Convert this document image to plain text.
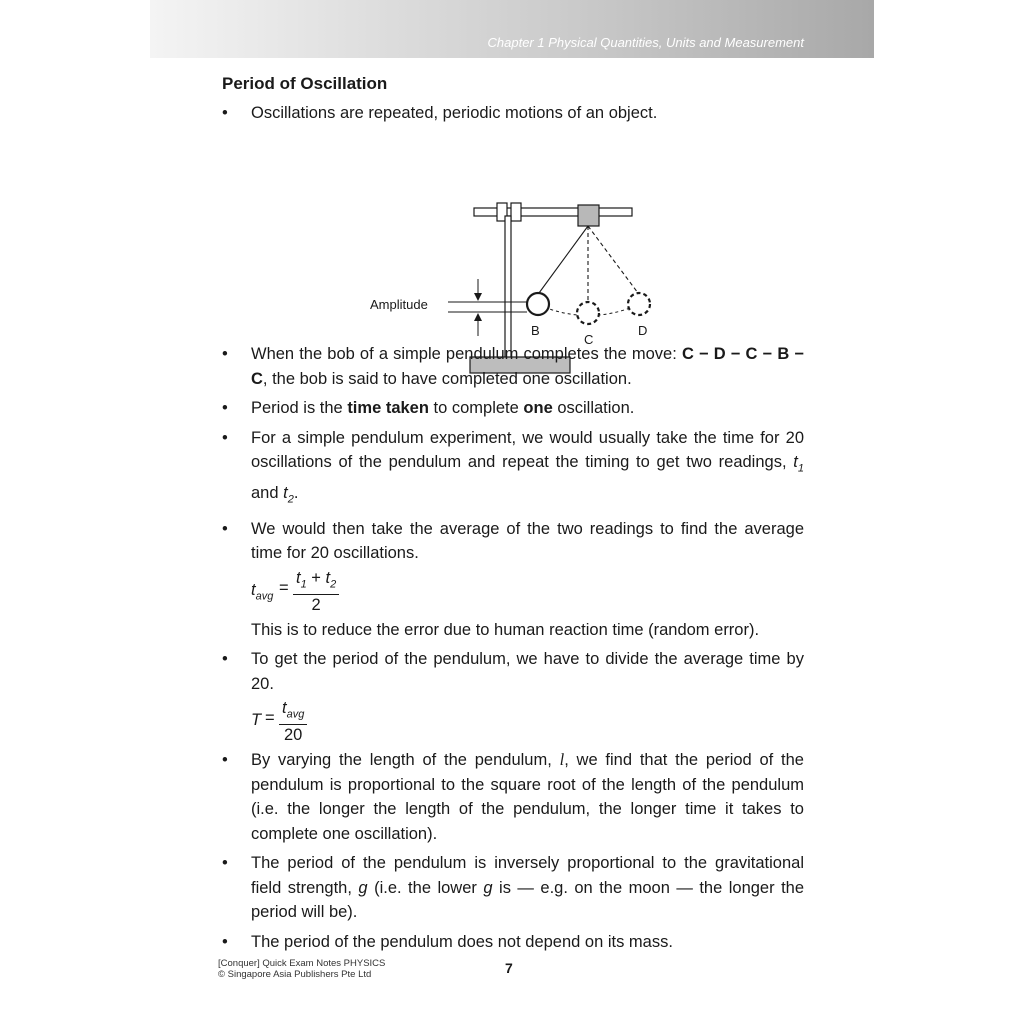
Chapter 1 Physical Quantities, Units and Measurement
Period of Oscillation
• Oscillations are repeated, periodic motions of an object.
Amplitude
B
C
D
• When the bob of a simple pendulum completes the move: C − D − C − B − C, the bob is said to have completed one oscillation.
• Period is the time taken to complete one oscillation.
• For a simple pendulum experiment, we would usually take the time for 20 oscillations of the pendulum and repeat the timing to get two readings, $t_1$ and $t_2$.
• We would then take the average of the two readings to find the average time for 20 oscillations.
$t_{avg} = \frac{t_1 + t_2}{2}$
This is to reduce the error due to human reaction time (random error).
• To get the period of the pendulum, we have to divide the average time by 20.
T =
$t_{avg}$
20
• By varying the length of the pendulum, l, we find that the period of the pendulum is proportional to the square root of the length of the pendulum (i.e. the longer the length of the pendulum, the longer time it takes to complete one oscillation).
• The period of the pendulum is inversely proportional to the gravitational field strength, g (i.e. the lower g is — e.g. on the moon — the longer the period will be).
• The period of the pendulum does not depend on its mass.
[Conquer] Quick Exam Notes PHYSICS
© Singapore Asia Publishers Pte Ltd	7
